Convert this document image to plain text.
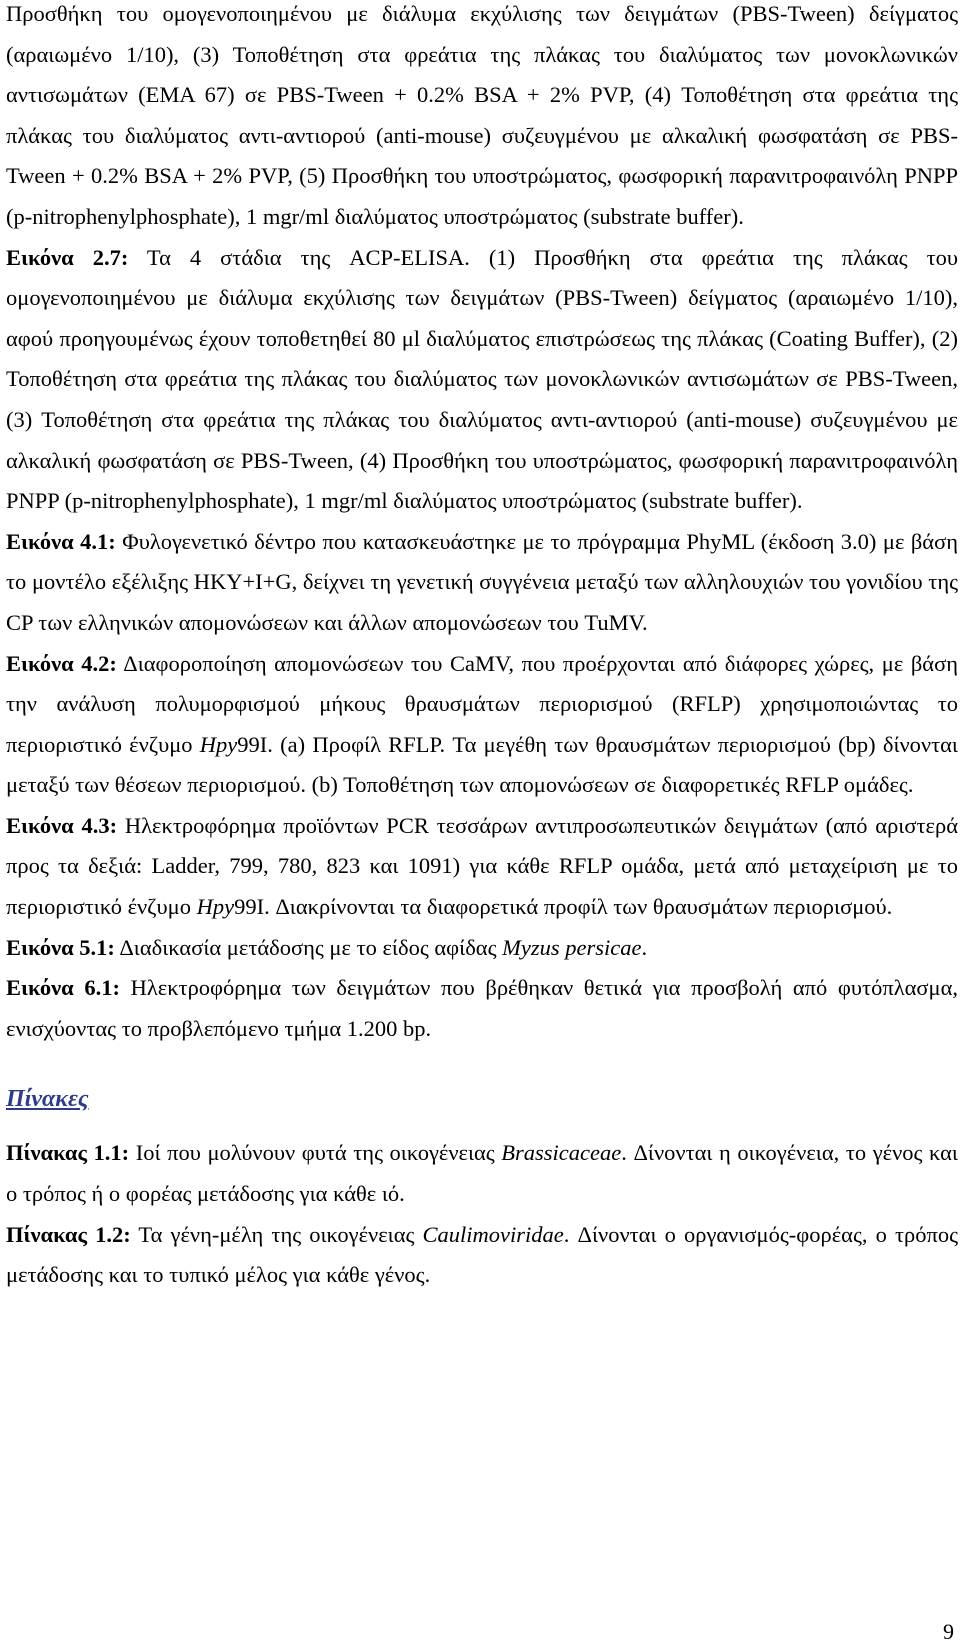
Προσθήκη του ομογενοποιημένου με διάλυμα εκχύλισης των δειγμάτων (PBS-Tween) δείγματος (αραιωμένο 1/10), (3) Τοποθέτηση στα φρεάτια της πλάκας του διαλύματος των μονοκλωνικών αντισωμάτων (EMA 67) σε PBS-Tween + 0.2% BSA + 2% PVP, (4) Τοποθέτηση στα φρεάτια της πλάκας του διαλύματος αντι-αντιορού (anti-mouse) συζευγμένου με αλκαλική φωσφατάση σε PBS-Tween + 0.2% BSA + 2% PVP, (5) Προσθήκη του υποστρώματος, φωσφορική παρανιτροφαινόλη PNPP (p-nitrophenylphosphate), 1 mgr/ml διαλύματος υποστρώματος (substrate buffer).

Εικόνα 2.7: Τα 4 στάδια της ACP-ELISA. (1) Προσθήκη στα φρεάτια της πλάκας του ομογενοποιημένου με διάλυμα εκχύλισης των δειγμάτων (PBS-Tween) δείγματος (αραιωμένο 1/10), αφού προηγουμένως έχουν τοποθετηθεί 80 μl διαλύματος επιστρώσεως της πλάκας (Coating Buffer), (2) Τοποθέτηση στα φρεάτια της πλάκας του διαλύματος των μονοκλωνικών αντισωμάτων σε PBS-Tween, (3) Τοποθέτηση στα φρεάτια της πλάκας του διαλύματος αντι-αντιορού (anti-mouse) συζευγμένου με αλκαλική φωσφατάση σε PBS-Tween, (4) Προσθήκη του υποστρώματος, φωσφορική παρανιτροφαινόλη PNPP (p-nitrophenylphosphate), 1 mgr/ml διαλύματος υποστρώματος (substrate buffer).

Εικόνα 4.1: Φυλογενετικό δέντρο που κατασκευάστηκε με το πρόγραμμα PhyML (έκδοση 3.0) με βάση το μοντέλο εξέλιξης HKY+I+G, δείχνει τη γενετική συγγένεια μεταξύ των αλληλουχιών του γονιδίου της CP των ελληνικών απομονώσεων και άλλων απομονώσεων του TuMV.

Εικόνα 4.2: Διαφοροποίηση απομονώσεων του CaMV, που προέρχονται από διάφορες χώρες, με βάση την ανάλυση πολυμορφισμού μήκους θραυσμάτων περιορισμού (RFLP) χρησιμοποιώντας το περιοριστικό ένζυμο Hpy99I. (a) Προφίλ RFLP. Τα μεγέθη των θραυσμάτων περιορισμού (bp) δίνονται μεταξύ των θέσεων περιορισμού. (b) Τοποθέτηση των απομονώσεων σε διαφορετικές RFLP ομάδες.

Εικόνα 4.3: Ηλεκτροφόρημα προϊόντων PCR τεσσάρων αντιπροσωπευτικών δειγμάτων (από αριστερά προς τα δεξιά: Ladder, 799, 780, 823 και 1091) για κάθε RFLP ομάδα, μετά από μεταχείριση με το περιοριστικό ένζυμο Hpy99I. Διακρίνονται τα διαφορετικά προφίλ των θραυσμάτων περιορισμού.

Εικόνα 5.1: Διαδικασία μετάδοσης με το είδος αφίδας Myzus persicae.

Εικόνα 6.1: Ηλεκτροφόρημα των δειγμάτων που βρέθηκαν θετικά για προσβολή από φυτόπλασμα, ενισχύοντας το προβλεπόμενο τμήμα 1.200 bp.

Πίνακες

Πίνακας 1.1: Ιοί που μολύνουν φυτά της οικογένειας Brassicaceae. Δίνονται η οικογένεια, το γένος και ο τρόπος ή ο φορέας μετάδοσης για κάθε ιό.

Πίνακας 1.2: Τα γένη-μέλη της οικογένειας Caulimoviridae. Δίνονται ο οργανισμός-φορέας, ο τρόπος μετάδοσης και το τυπικό μέλος για κάθε γένος.

9
